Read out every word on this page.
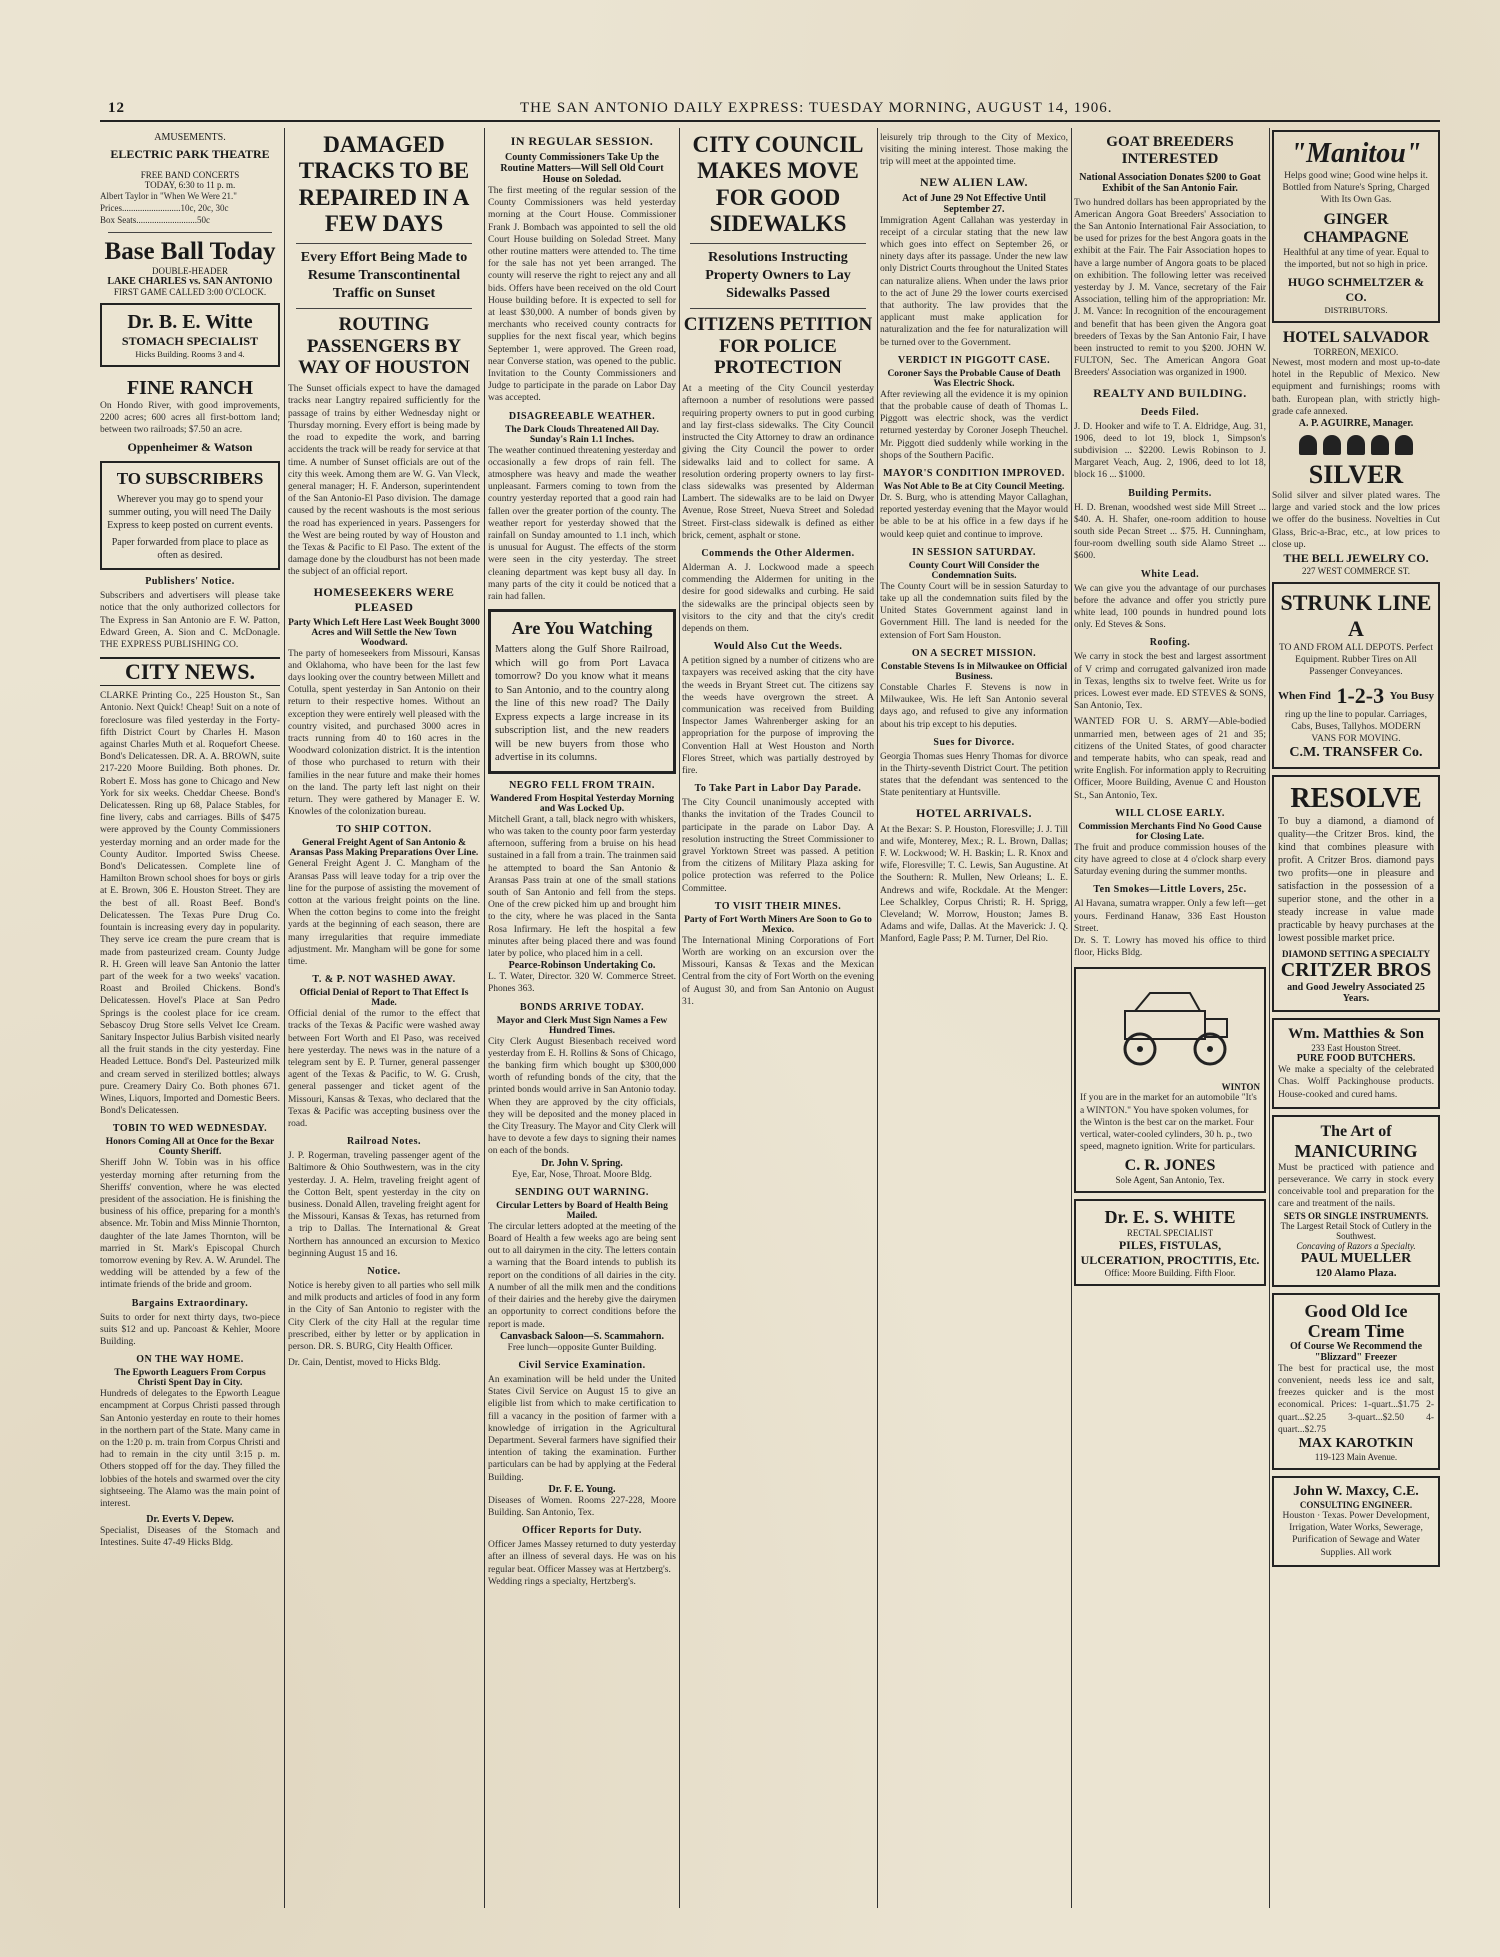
12	THE SAN ANTONIO DAILY EXPRESS: TUESDAY MORNING, AUGUST 14, 1906.
AMUSEMENTS.
ELECTRIC PARK THEATRE
FREE BAND CONCERTS
TODAY, 6:30 to 11 p. m.
Albert Taylor in "When We Were 21."
Prices..........................10c, 20c, 30c
Box Seats...........................50c
Base Ball Today
DOUBLE-HEADER
LAKE CHARLES vs. SAN ANTONIO
FIRST GAME CALLED 3:00 O'CLOCK.
Dr. B. E. Witte
STOMACH SPECIALIST
Hicks Building. Rooms 3 and 4.
FINE RANCH
On Hondo River, with good improvements, 2200 acres; 600 acres all first-bottom land; between two railroads; $7.50 an acre.
Oppenheimer & Watson
TO SUBSCRIBERS
Wherever you may go to spend your summer outing, you will need The Daily Express to keep posted on current events.
Paper forwarded from place to place as often as desired.
Publishers' Notice.
Subscribers and advertisers will please take notice that the only authorized collectors for The Express in San Antonio are F. W. Patton, Edward Green, A. Sion and C. McDonagle. THE EXPRESS PUBLISHING CO.
CITY NEWS.
CLARKE Printing Co., 225 Houston St., San Antonio. Next Quick! Cheap! Suit on a note of foreclosure was filed yesterday in the Forty-fifth District Court by Charles H. Mason against Charles Muth et al. Roquefort Cheese. Bond's Delicatessen. DR. A. A. BROWN, suite 217-220 Moore Building. Both phones. Dr. Robert E. Moss has gone to Chicago and New York for six weeks. Cheddar Cheese. Bond's Delicatessen. Ring up 68, Palace Stables, for fine livery, cabs and carriages. Bills of $475 were approved by the County Commissioners yesterday morning and an order made for the County Auditor. Imported Swiss Cheese. Bond's Delicatessen. Complete line of Hamilton Brown school shoes for boys or girls at E. Brown, 306 E. Houston Street. They are the best of all. Roast Beef. Bond's Delicatessen. The Texas Pure Drug Co. fountain is increasing every day in popularity. They serve ice cream the pure cream that is made from pasteurized cream. County Judge R. H. Green will leave San Antonio the latter part of the week for a two weeks' vacation. Roast and Broiled Chickens. Bond's Delicatessen. Hovel's Place at San Pedro Springs is the coolest place for ice cream. Sebascoy Drug Store sells Velvet Ice Cream. Sanitary Inspector Julius Barbish visited nearly all the fruit stands in the city yesterday. Fine Headed Lettuce. Bond's Del. Pasteurized milk and cream served in sterilized bottles; always pure. Creamery Dairy Co. Both phones 671. Wines, Liquors, Imported and Domestic Beers. Bond's Delicatessen.
TOBIN TO WED WEDNESDAY.
Honors Coming All at Once for the Bexar County Sheriff.
Sheriff John W. Tobin was in his office yesterday morning after returning from the Sheriffs' convention, where he was elected president of the association. He is finishing the business of his office, preparing for a month's absence. Mr. Tobin and Miss Minnie Thornton, daughter of the late James Thornton, will be married in St. Mark's Episcopal Church tomorrow evening by Rev. A. W. Arundel. The wedding will be attended by a few of the intimate friends of the bride and groom.
Bargains Extraordinary.
Suits to order for next thirty days, two-piece suits $12 and up. Pancoast & Kehler, Moore Building.
ON THE WAY HOME.
The Epworth Leaguers From Corpus Christi Spent Day in City.
Hundreds of delegates to the Epworth League encampment at Corpus Christi passed through San Antonio yesterday en route to their homes in the northern part of the State. Many came in on the 1:20 p. m. train from Corpus Christi and had to remain in the city until 3:15 p. m. Others stopped off for the day. They filled the lobbies of the hotels and swarmed over the city sightseeing. The Alamo was the main point of interest.
Dr. Everts V. Depew.
Specialist, Diseases of the Stomach and Intestines. Suite 47-49 Hicks Bldg.
DAMAGED TRACKS TO BE REPAIRED IN A FEW DAYS
Every Effort Being Made to Resume Transcontinental Traffic on Sunset
ROUTING PASSENGERS BY WAY OF HOUSTON
The Sunset officials expect to have the damaged tracks near Langtry repaired sufficiently for the passage of trains by either Wednesday night or Thursday morning. Every effort is being made by the road to expedite the work, and barring accidents the track will be ready for service at that time. A number of Sunset officials are out of the city this week. Among them are W. G. Van Vleck, general manager; H. F. Anderson, superintendent of the San Antonio-El Paso division. The damage caused by the recent washouts is the most serious the road has experienced in years. Passengers for the West are being routed by way of Houston and the Texas & Pacific to El Paso. The extent of the damage done by the cloudburst has not been made the subject of an official report.
HOMESEEKERS WERE PLEASED
Party Which Left Here Last Week Bought 3000 Acres and Will Settle the New Town Woodward.
The party of homeseekers from Missouri, Kansas and Oklahoma, who have been for the last few days looking over the country between Millett and Cotulla, spent yesterday in San Antonio on their return to their respective homes. Without an exception they were entirely well pleased with the country visited, and purchased 3000 acres in tracts running from 40 to 160 acres in the Woodward colonization district. It is the intention of those who purchased to return with their families in the near future and make their homes on the land. The party left last night on their return. They were gathered by Manager E. W. Knowles of the colonization bureau.
TO SHIP COTTON.
General Freight Agent of San Antonio & Aransas Pass Making Preparations Over Line.
General Freight Agent J. C. Mangham of the Aransas Pass will leave today for a trip over the line for the purpose of assisting the movement of cotton at the various freight points on the line. When the cotton begins to come into the freight yards at the beginning of each season, there are many irregularities that require immediate adjustment. Mr. Mangham will be gone for some time.
T. & P. NOT WASHED AWAY.
Official Denial of Report to That Effect Is Made.
Official denial of the rumor to the effect that tracks of the Texas & Pacific were washed away between Fort Worth and El Paso, was received here yesterday. The news was in the nature of a telegram sent by E. P. Turner, general passenger agent of the Texas & Pacific, to W. G. Crush, general passenger and ticket agent of the Missouri, Kansas & Texas, who declared that the Texas & Pacific was accepting business over the road.
Railroad Notes.
J. P. Rogerman, traveling passenger agent of the Baltimore & Ohio Southwestern, was in the city yesterday. J. A. Helm, traveling freight agent of the Cotton Belt, spent yesterday in the city on business. Donald Allen, traveling freight agent for the Missouri, Kansas & Texas, has returned from a trip to Dallas. The International & Great Northern has announced an excursion to Mexico beginning August 15 and 16.
Notice.
Notice is hereby given to all parties who sell milk and milk products and articles of food in any form in the City of San Antonio to register with the City Clerk of the city Hall at the regular time prescribed, either by letter or by application in person. DR. S. BURG, City Health Officer.
Dr. Cain, Dentist, moved to Hicks Bldg.
IN REGULAR SESSION.
County Commissioners Take Up the Routine Matters—Will Sell Old Court House on Soledad.
The first meeting of the regular session of the County Commissioners was held yesterday morning at the Court House. Commissioner Frank J. Bombach was appointed to sell the old Court House building on Soledad Street. Many other routine matters were attended to. The time for the sale has not yet been arranged. The county will reserve the right to reject any and all bids. Offers have been received on the old Court House building before. It is expected to sell for at least $30,000. A number of bonds given by merchants who received county contracts for supplies for the next fiscal year, which begins September 1, were approved. The Green road, near Converse station, was opened to the public. Invitation to the County Commissioners and Judge to participate in the parade on Labor Day was accepted.
DISAGREEABLE WEATHER.
The Dark Clouds Threatened All Day. Sunday's Rain 1.1 Inches.
The weather continued threatening yesterday and occasionally a few drops of rain fell. The atmosphere was heavy and made the weather unpleasant. Farmers coming to town from the country yesterday reported that a good rain had fallen over the greater portion of the county. The weather report for yesterday showed that the rainfall on Sunday amounted to 1.1 inch, which is unusual for August. The effects of the storm were seen in the city yesterday. The street cleaning department was kept busy all day. In many parts of the city it could be noticed that a rain had fallen.
Are You Watching
Matters along the Gulf Shore Railroad, which will go from Port Lavaca tomorrow? Do you know what it means to San Antonio, and to the country along the line of this new road? The Daily Express expects a large increase in its subscription list, and the new readers will be new buyers from those who advertise in its columns.
NEGRO FELL FROM TRAIN.
Wandered From Hospital Yesterday Morning and Was Locked Up.
Mitchell Grant, a tall, black negro with whiskers, who was taken to the county poor farm yesterday afternoon, suffering from a bruise on his head sustained in a fall from a train. The trainmen said he attempted to board the San Antonio & Aransas Pass train at one of the small stations south of San Antonio and fell from the steps. One of the crew picked him up and brought him to the city, where he was placed in the Santa Rosa Infirmary. He left the hospital a few minutes after being placed there and was found later by police, who placed him in a cell.
Pearce-Robinson Undertaking Co.
L. T. Water, Director. 320 W. Commerce Street. Phones 363.
BONDS ARRIVE TODAY.
Mayor and Clerk Must Sign Names a Few Hundred Times.
City Clerk August Biesenbach received word yesterday from E. H. Rollins & Sons of Chicago, the banking firm which bought up $300,000 worth of refunding bonds of the city, that the printed bonds would arrive in San Antonio today. When they are approved by the city officials, they will be deposited and the money placed in the City Treasury. The Mayor and City Clerk will have to devote a few days to signing their names on each of the bonds.
Dr. John V. Spring.
Eye, Ear, Nose, Throat. Moore Bldg.
SENDING OUT WARNING.
Circular Letters by Board of Health Being Mailed.
The circular letters adopted at the meeting of the Board of Health a few weeks ago are being sent out to all dairymen in the city. The letters contain a warning that the Board intends to publish its report on the conditions of all dairies in the city. A number of all the milk men and the conditions of their dairies and the hereby give the dairymen an opportunity to correct conditions before the report is made.
Canvasback Saloon—S. Scammahorn.
Free lunch—opposite Gunter Building.
Civil Service Examination.
An examination will be held under the United States Civil Service on August 15 to give an eligible list from which to make certification to fill a vacancy in the position of farmer with a knowledge of irrigation in the Agricultural Department. Several farmers have signified their intention of taking the examination. Further particulars can be had by applying at the Federal Building.
Dr. F. E. Young.
Diseases of Women. Rooms 227-228, Moore Building. San Antonio, Tex.
Officer Reports for Duty.
Officer James Massey returned to duty yesterday after an illness of several days. He was on his regular beat. Officer Massey was at Hertzberg's.
Wedding rings a specialty, Hertzberg's.
CITY COUNCIL MAKES MOVE FOR GOOD SIDEWALKS
Resolutions Instructing Property Owners to Lay Sidewalks Passed
CITIZENS PETITION FOR POLICE PROTECTION
At a meeting of the City Council yesterday afternoon a number of resolutions were passed requiring property owners to put in good curbing and lay first-class sidewalks. The City Council instructed the City Attorney to draw an ordinance giving the City Council the power to order sidewalks laid and to collect for same. A resolution ordering property owners to lay first-class sidewalks was presented by Alderman Lambert. The sidewalks are to be laid on Dwyer Avenue, Rose Street, Nueva Street and Soledad Street. First-class sidewalk is defined as either brick, cement, asphalt or stone.
Commends the Other Aldermen.
Alderman A. J. Lockwood made a speech commending the Aldermen for uniting in the desire for good sidewalks and curbing. He said the sidewalks are the principal objects seen by visitors to the city and that the city's credit depends on them.
Would Also Cut the Weeds.
A petition signed by a number of citizens who are taxpayers was received asking that the city have the weeds in Bryant Street cut. The citizens say the weeds have overgrown the street. A communication was received from Building Inspector James Wahrenberger asking for an appropriation for the purpose of improving the Convention Hall at West Houston and North Flores Street, which was partially destroyed by fire.
To Take Part in Labor Day Parade.
The City Council unanimously accepted with thanks the invitation of the Trades Council to participate in the parade on Labor Day. A resolution instructing the Street Commissioner to gravel Yorktown Street was passed. A petition from the citizens of Military Plaza asking for police protection was referred to the Police Committee.
TO VISIT THEIR MINES.
Party of Fort Worth Miners Are Soon to Go to Mexico.
The International Mining Corporations of Fort Worth are working on an excursion over the Missouri, Kansas & Texas and the Mexican Central from the city of Fort Worth on the evening of August 30, and from San Antonio on August 31.
leisurely trip through to the City of Mexico, visiting the mining interest. Those making the trip will meet at the appointed time.
NEW ALIEN LAW.
Act of June 29 Not Effective Until September 27.
Immigration Agent Callahan was yesterday in receipt of a circular stating that the new law which goes into effect on September 26, or ninety days after its passage. Under the new law only District Courts throughout the United States can naturalize aliens. When under the laws prior to the act of June 29 the lower courts exercised that authority. The law provides that the applicant must make application for naturalization and the fee for naturalization will be turned over to the Government.
VERDICT IN PIGGOTT CASE.
Coroner Says the Probable Cause of Death Was Electric Shock.
After reviewing all the evidence it is my opinion that the probable cause of death of Thomas L. Piggott was electric shock, was the verdict returned yesterday by Coroner Joseph Theuchel. Mr. Piggott died suddenly while working in the shops of the Southern Pacific.
MAYOR'S CONDITION IMPROVED.
Was Not Able to Be at City Council Meeting.
Dr. S. Burg, who is attending Mayor Callaghan, reported yesterday evening that the Mayor would be able to be at his office in a few days if he would keep quiet and continue to improve.
IN SESSION SATURDAY.
County Court Will Consider the Condemnation Suits.
The County Court will be in session Saturday to take up all the condemnation suits filed by the United States Government against land in Government Hill. The land is needed for the extension of Fort Sam Houston.
ON A SECRET MISSION.
Constable Stevens Is in Milwaukee on Official Business.
Constable Charles F. Stevens is now in Milwaukee, Wis. He left San Antonio several days ago, and refused to give any information about his trip except to his deputies.
Sues for Divorce.
Georgia Thomas sues Henry Thomas for divorce in the Thirty-seventh District Court. The petition states that the defendant was sentenced to the State penitentiary at Huntsville.
HOTEL ARRIVALS.
At the Bexar: S. P. Houston, Floresville; J. J. Till and wife, Monterey, Mex.; R. L. Brown, Dallas; F. W. Lockwood; W. H. Baskin; L. R. Knox and wife, Floresville; T. C. Lewis, San Augustine. At the Southern: R. Mullen, New Orleans; L. E. Andrews and wife, Rockdale. At the Menger: Lee Schalkley, Corpus Christi; R. H. Sprigg, Cleveland; W. Morrow, Houston; James B. Adams and wife, Dallas. At the Maverick: J. Q. Manford, Eagle Pass; P. M. Turner, Del Rio.
GOAT BREEDERS INTERESTED
National Association Donates $200 to Goat Exhibit of the San Antonio Fair.
Two hundred dollars has been appropriated by the American Angora Goat Breeders' Association to the San Antonio International Fair Association, to be used for prizes for the best Angora goats in the exhibit at the Fair. The Fair Association hopes to have a large number of Angora goats to be placed on exhibition. The following letter was received yesterday by J. M. Vance, secretary of the Fair Association, telling him of the appropriation: Mr. J. M. Vance: In recognition of the encouragement and benefit that has been given the Angora goat breeders of Texas by the San Antonio Fair, I have been instructed to remit to you $200. JOHN W. FULTON, Sec. The American Angora Goat Breeders' Association was organized in 1900.
REALTY AND BUILDING.
Deeds Filed.
J. D. Hooker and wife to T. A. Eldridge, Aug. 31, 1906, deed to lot 19, block 1, Simpson's subdivision ... $2200. Lewis Robinson to J. Margaret Veach, Aug. 2, 1906, deed to lot 18, block 16 ... $1000.
Building Permits.
H. D. Brenan, woodshed west side Mill Street ... $40. A. H. Shafer, one-room addition to house south side Pecan Street ... $75. H. Cunningham, four-room dwelling south side Alamo Street ... $600.
White Lead.
We can give you the advantage of our purchases before the advance and offer you strictly pure white lead, 100 pounds in hundred pound lots only. Ed Steves & Sons.
Roofing.
We carry in stock the best and largest assortment of V crimp and corrugated galvanized iron made in Texas, lengths six to twelve feet. Write us for prices. Lowest ever made. ED STEVES & SONS, San Antonio, Tex.
WANTED FOR U. S. ARMY—Able-bodied unmarried men, between ages of 21 and 35; citizens of the United States, of good character and temperate habits, who can speak, read and write English. For information apply to Recruiting Officer, Moore Building, Avenue C and Houston St., San Antonio, Tex.
WILL CLOSE EARLY.
Commission Merchants Find No Good Cause for Closing Late.
The fruit and produce commission houses of the city have agreed to close at 4 o'clock sharp every Saturday evening during the summer months.
Ten Smokes—Little Lovers, 25c.
Al Havana, sumatra wrapper. Only a few left—get yours. Ferdinand Hanaw, 336 East Houston Street.
Dr. S. T. Lowry has moved his office to third floor, Hicks Bldg.
WINTON
If you are in the market for an automobile "It's a WINTON." You have spoken volumes, for the Winton is the best car on the market. Four vertical, water-cooled cylinders, 30 h. p., two speed, magneto ignition. Write for particulars.
C. R. JONES
Sole Agent, San Antonio, Tex.
Dr. E. S. WHITE
RECTAL SPECIALIST
PILES, FISTULAS, ULCERATION, PROCTITIS, Etc.
Office: Moore Building. Fifth Floor.
"Manitou"
Helps good wine; Good wine helps it. Bottled from Nature's Spring, Charged With Its Own Gas.
GINGER CHAMPAGNE
Healthful at any time of year. Equal to the imported, but not so high in price.
HUGO SCHMELTZER & CO.
DISTRIBUTORS.
HOTEL SALVADOR
TORREON, MEXICO.
Newest, most modern and most up-to-date hotel in the Republic of Mexico. New equipment and furnishings; rooms with bath. European plan, with strictly high-grade cafe annexed.
A. P. AGUIRRE, Manager.
SILVER
Solid silver and silver plated wares. The large and varied stock and the low prices we offer do the business. Novelties in Cut Glass, Bric-a-Brac, etc., at low prices to close up.
THE BELL JEWELRY CO.
227 WEST COMMERCE ST.
STRUNK LINE A
TO AND FROM ALL DEPOTS. Perfect Equipment. Rubber Tires on All Passenger Conveyances.
When Find 1-2-3 You Busy
ring up the line to popular. Carriages, Cabs, Buses, Tallyhos. MODERN VANS FOR MOVING.
C.M. TRANSFER Co.
RESOLVE
To buy a diamond, a diamond of quality—the Critzer Bros. kind, the kind that combines pleasure with profit. A Critzer Bros. diamond pays two profits—one in pleasure and satisfaction in the possession of a superior stone, and the other in a steady increase in value made practicable by heavy purchases at the lowest possible market price.
DIAMOND SETTING A SPECIALTY
CRITZER BROS
and Good Jewelry Associated 25 Years.
Wm. Matthies & Son
233 East Houston Street.
PURE FOOD BUTCHERS.
We make a specialty of the celebrated Chas. Wolff Packinghouse products. House-cooked and cured hams.
The Art of
MANICURING
Must be practiced with patience and perseverance. We carry in stock every conceivable tool and preparation for the care and treatment of the nails.
SETS OR SINGLE INSTRUMENTS.
The Largest Retail Stock of Cutlery in the Southwest.
Concaving of Razors a Specialty.
PAUL MUELLER
120 Alamo Plaza.
Good Old Ice Cream Time
Of Course We Recommend the "Blizzard" Freezer
The best for practical use, the most convenient, needs less ice and salt, freezes quicker and is the most economical. Prices: 1-quart...$1.75 2-quart...$2.25 3-quart...$2.50 4-quart...$2.75
MAX KAROTKIN
119-123 Main Avenue.
John W. Maxcy, C.E.
CONSULTING ENGINEER.
Houston · Texas. Power Development, Irrigation, Water Works, Sewerage, Purification of Sewage and Water Supplies. All work
